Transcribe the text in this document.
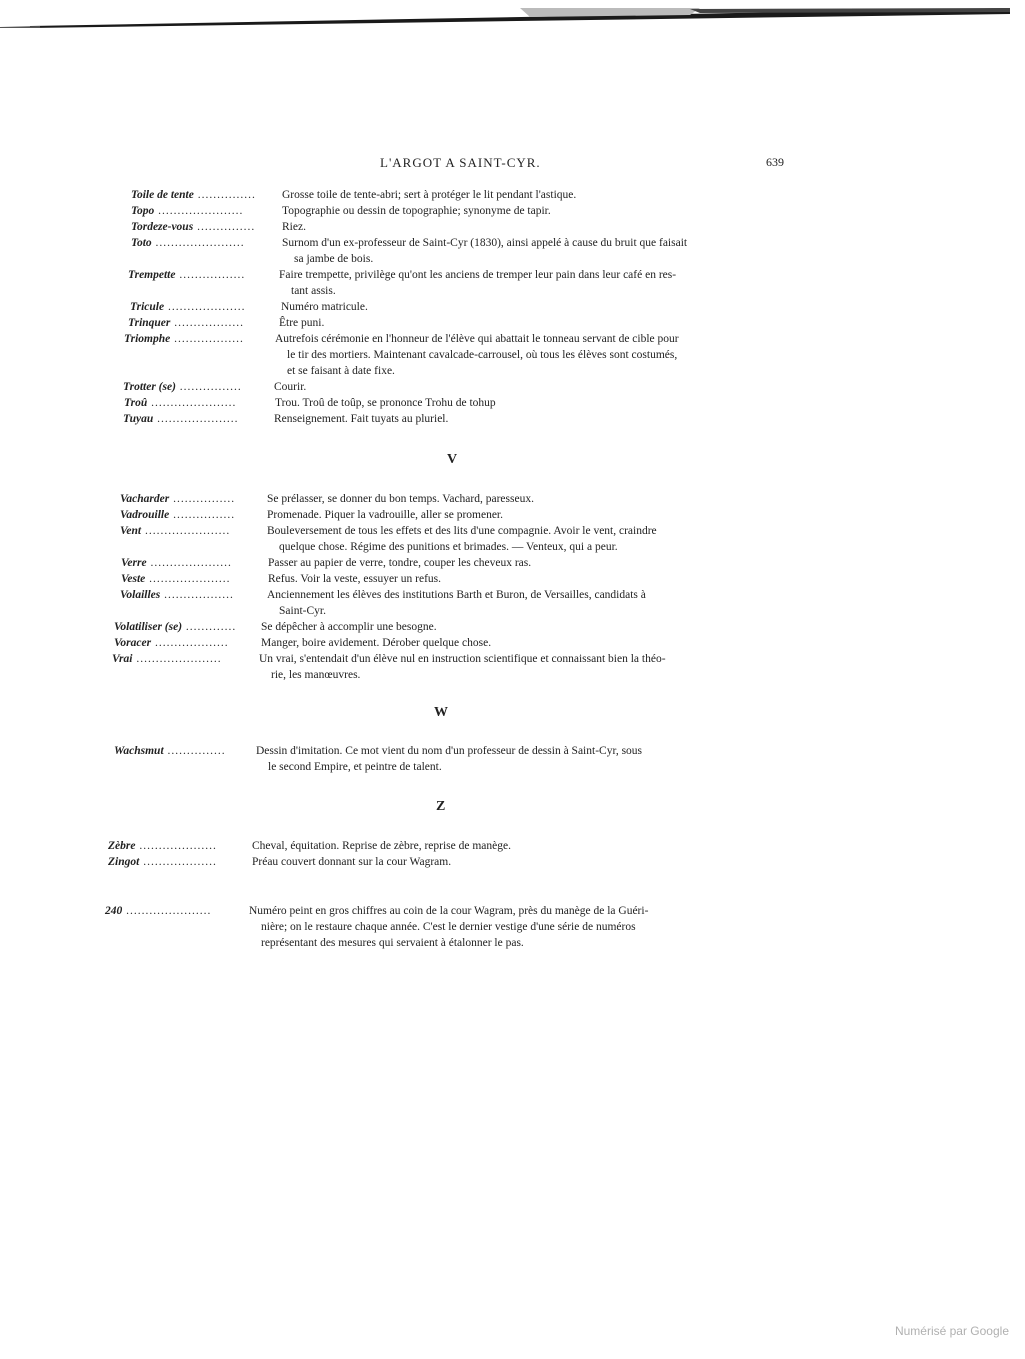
L'ARGOT A SAINT-CYR.	639
Toile de tente ............... Grosse toile de tente-abri; sert à protéger le lit pendant l'astique.
Topo ......................	Topographie ou dessin de topographie; synonyme de tapir.
Tordeze-vous ............... Riez.
Toto .......................	Surnom d'un ex-professeur de Saint-Cyr (1830), ainsi appelé à cause du bruit que faisait
sa jambe de bois.
Trempette .................	Faire trempette, privilège qu'ont les anciens de tremper leur pain dans leur café en res-
tant assis.
Tricule ....................	Numéro matricule.
Trinquer ..................	Être puni.
Triomphe ..................	Autrefois cérémonie en l'honneur de l'élève qui abattait le tonneau servant de cible pour
le tir des mortiers. Maintenant cavalcade-carrousel, où tous les élèves sont costumés,
et se faisant à date fixe.
Trotter (se) ................	Courir.
Troû ......................	Trou. Troû de toûp, se prononce Trohu de tohup
Tuyau .....................	Renseignement. Fait tuyats au pluriel.
V
Vacharder ................	Se prélasser, se donner du bon temps. Vachard, paresseux.
Vadrouille ................	Promenade. Piquer la vadrouille, aller se promener.
Vent ......................	Bouleversement de tous les effets et des lits d'une compagnie. Avoir le vent, craindre
quelque chose. Régime des punitions et brimades. — Venteux, qui a peur.
Verre .....................	Passer au papier de verre, tondre, couper les cheveux ras.
Veste .....................	Refus. Voir la veste, essuyer un refus.
Volailles ..................	Anciennement les élèves des institutions Barth et Buron, de Versailles, candidats à
Saint-Cyr.
Volatiliser (se) ............. Se dépêcher à accomplir une besogne.
Voracer ...................	Manger, boire avidement. Dérober quelque chose.
Vrai ......................	Un vrai, s'entendait d'un élève nul en instruction scientifique et connaissant bien la théo-
rie, les manœuvres.
W
Wachsmut ...............	Dessin d'imitation. Ce mot vient du nom d'un professeur de dessin à Saint-Cyr, sous
le second Empire, et peintre de talent.
Z
Zèbre ....................	Cheval, équitation. Reprise de zèbre, reprise de manège.
Zingot ...................	Préau couvert donnant sur la cour Wagram.
240 ......................	Numéro peint en gros chiffres au coin de la cour Wagram, près du manège de la Guéri-
nière; on le restaure chaque année. C'est le dernier vestige d'une série de numéros
représentant des mesures qui servaient à étalonner le pas.
Numérisé par Google
